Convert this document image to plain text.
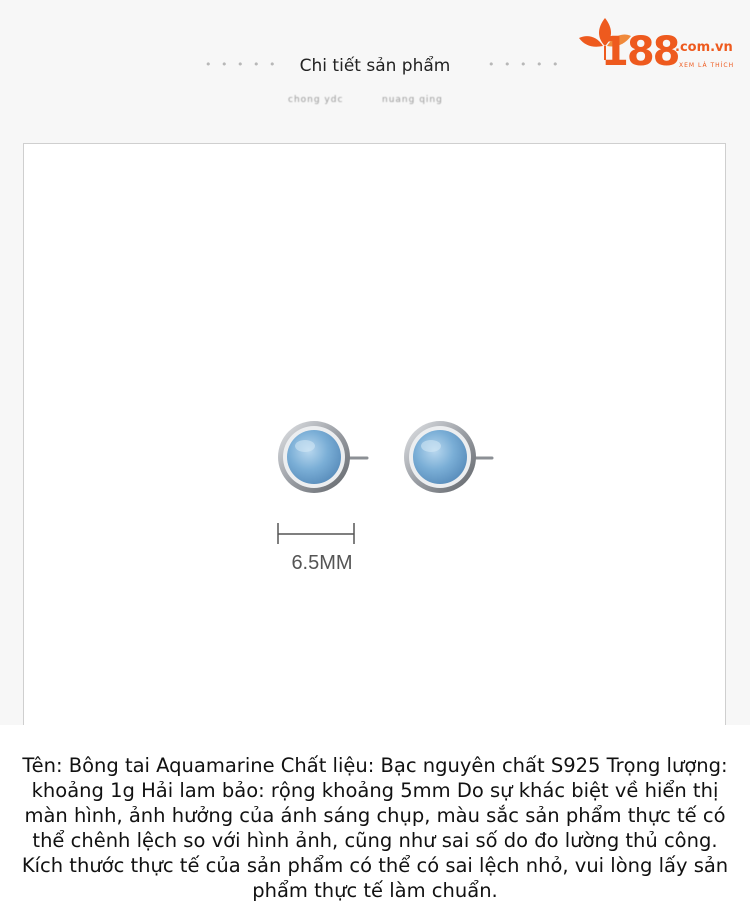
• • • • •	Chi tiết sản phẩm	• • • • •
chong ydc	nuang qing
188
.com.vn
XEM LÀ THÍCH
6.5MM
Tên: Bông tai Aquamarine Chất liệu: Bạc nguyên chất S925 Trọng lượng: khoảng 1g Hải lam bảo: rộng khoảng 5mm Do sự khác biệt về hiển thị màn hình, ảnh hưởng của ánh sáng chụp, màu sắc sản phẩm thực tế có thể chênh lệch so với hình ảnh, cũng như sai số do đo lường thủ công. Kích thước thực tế của sản phẩm có thể có sai lệch nhỏ, vui lòng lấy sản phẩm thực tế làm chuẩn.
